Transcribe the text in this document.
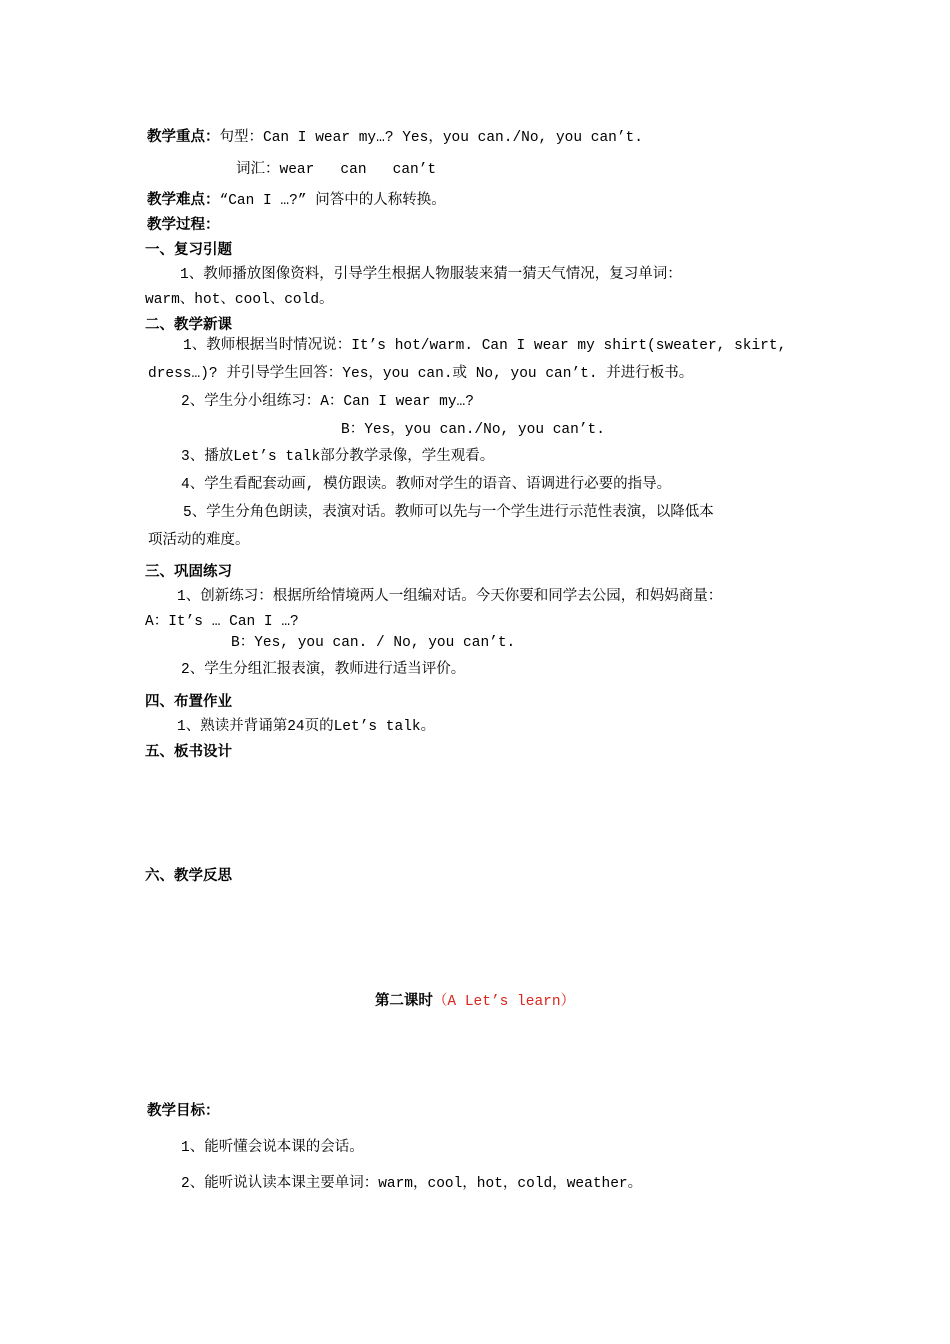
教学重点：句型：Can I wear my…? Yes，you can./No, you can’t.
词汇：wear   can   can’t
教学难点：“Can I …?” 问答中的人称转换。
教学过程：
一、复习引题
1、教师播放图像资料，引导学生根据人物服装来猜一猜天气情况，复习单词：
warm、hot、cool、cold。
二、教学新课
1、教师根据当时情况说：It’s hot/warm. Can I wear my shirt(sweater, skirt,
dress…)? 并引导学生回答：Yes，you can.或 No, you can’t. 并进行板书。
2、学生分小组练习：A：Can I wear my…?
B：Yes，you can./No, you can’t.
3、播放Let’s talk部分教学录像，学生观看。
4、学生看配套动画, 模仿跟读。教师对学生的语音、语调进行必要的指导。
5、学生分角色朗读，表演对话。教师可以先与一个学生进行示范性表演，以降低本
项活动的难度。
三、巩固练习
1、创新练习：根据所给情境两人一组编对话。今天你要和同学去公园，和妈妈商量：
A：It’s … Can I …?
B：Yes, you can. / No, you can’t.
2、学生分组汇报表演，教师进行适当评价。
四、布置作业
1、熟读并背诵第24页的Let’s talk。
五、板书设计
六、教学反思
第二课时（A Let’s learn）
教学目标：
1、能听懂会说本课的会话。
2、能听说认读本课主要单词：warm，cool，hot，cold，weather。
